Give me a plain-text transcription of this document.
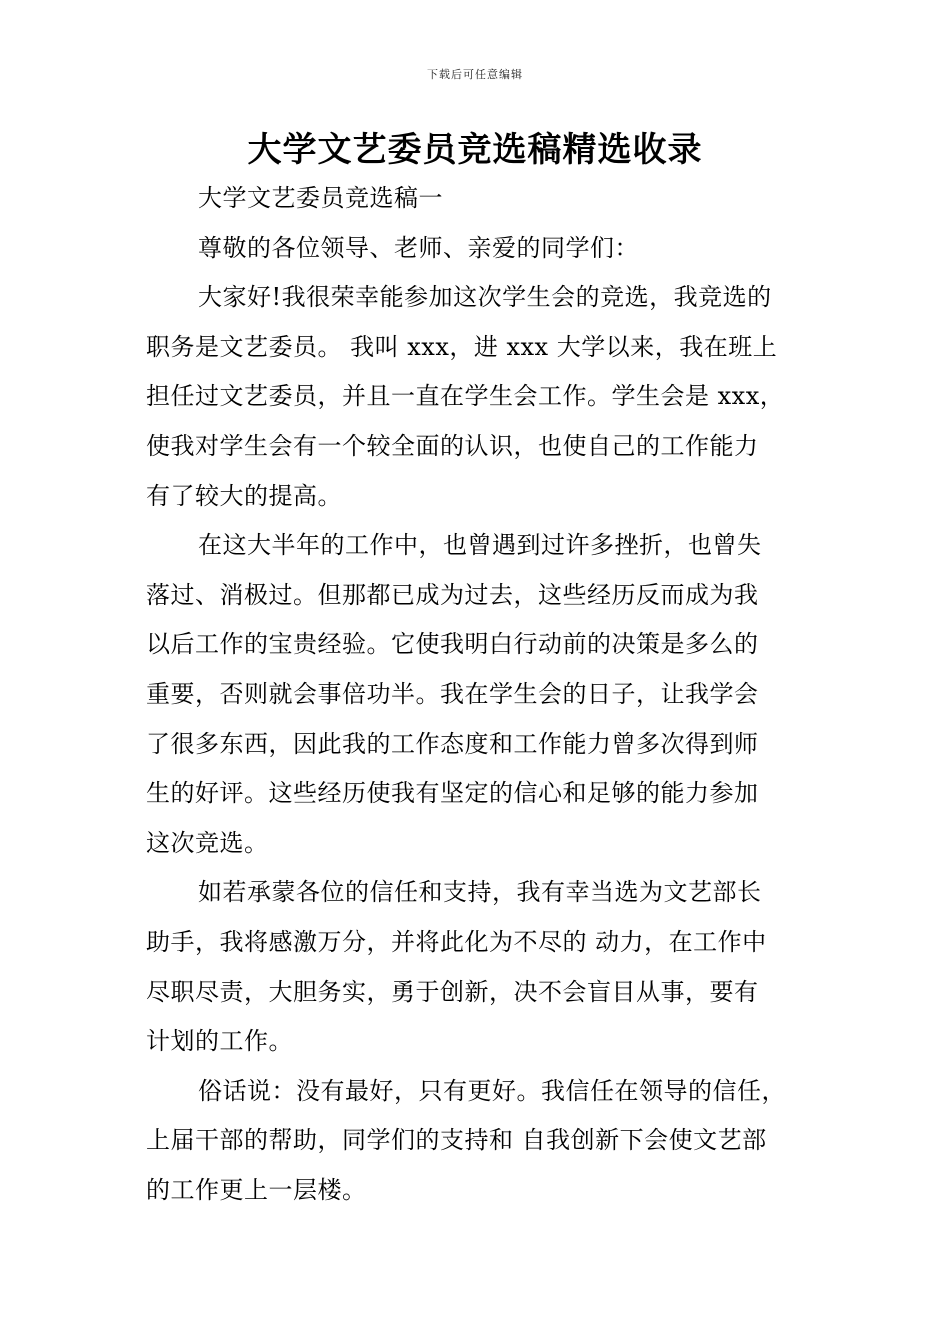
下载后可任意编辑
大学文艺委员竞选稿精选收录
大学文艺委员竞选稿一
尊敬的各位领导、老师、亲爱的同学们：
大家好!我很荣幸能参加这次学生会的竞选，我竞选的
职务是文艺委员。 我叫 xxx，进 xxx 大学以来，我在班上
担任过文艺委员，并且一直在学生会工作。学生会是 xxx，
使我对学生会有一个较全面的认识，也使自己的工作能力
有了较大的提高。
在这大半年的工作中，也曾遇到过许多挫折，也曾失
落过、消极过。但那都已成为过去，这些经历反而成为我
以后工作的宝贵经验。它使我明白行动前的决策是多么的
重要，否则就会事倍功半。我在学生会的日子，让我学会
了很多东西，因此我的工作态度和工作能力曾多次得到师
生的好评。这些经历使我有坚定的信心和足够的能力参加
这次竞选。
如若承蒙各位的信任和支持，我有幸当选为文艺部长
助手，我将感激万分，并将此化为不尽的 动力，在工作中
尽职尽责，大胆务实，勇于创新，决不会盲目从事，要有
计划的工作。
俗话说：没有最好，只有更好。我信任在领导的信任，
上届干部的帮助，同学们的支持和 自我创新下会使文艺部
的工作更上一层楼。
